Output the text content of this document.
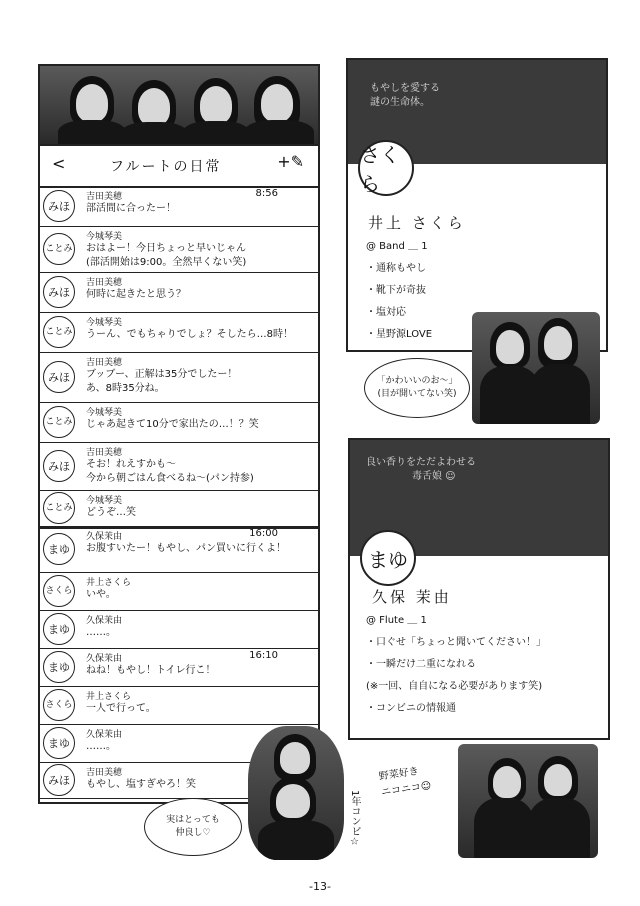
<	フルートの日常	+✎
みほ
吉田美穂	8:56
部活間に合ったー！
ことみ
今城琴美
おはよー！今日ちょっと早いじゃん
(部活開始は9:00。全然早くない笑)
みほ
吉田美穂
何時に起きたと思う？
ことみ
今城琴美
うーん、でもちゃりでしょ？そしたら…8時！
みほ
吉田美穂
ブッブー、正解は35分でしたー！
あ、8時35分ね。
ことみ
今城琴美
じゃあ起きて10分で家出たの…！？笑
みほ
吉田美穂
そお！れえすかも～
今から朝ごはん食べるね～(パン持参)
ことみ
今城琴美
どうぞ…笑
まゆ
久保茉由	16:00
お腹すいたー！もやし、パン買いに行くよ！
さくら
井上さくら
いや。
まゆ
久保茉由
……。
まゆ
久保茉由	16:10
ねね！もやし！トイレ行こ！
さくら
井上さくら
一人で行って。
まゆ
久保茉由
……。
みほ
吉田美穂
もやし、塩すぎやろ！笑
もやしを愛する
謎の生命体。
さくら
井上 さくら
@ Band ＿ 1
・通称もやし
・靴下が奇抜
・塩対応
・星野源LOVE
「かわいいのお～」
(目が開いてない笑)
良い香りをただよわせる
毒舌娘 ☺
まゆ
久保 茉由
@ Flute ＿ 1
・口ぐせ「ちょっと聞いてください！」
・一瞬だけ二重になれる
(※一回、自自になる必要があります笑)
・コンビニの情報通
実はとっても
仲良し♡	1年コンビ☆
野菜好き
ニコニコ☺
-13-
